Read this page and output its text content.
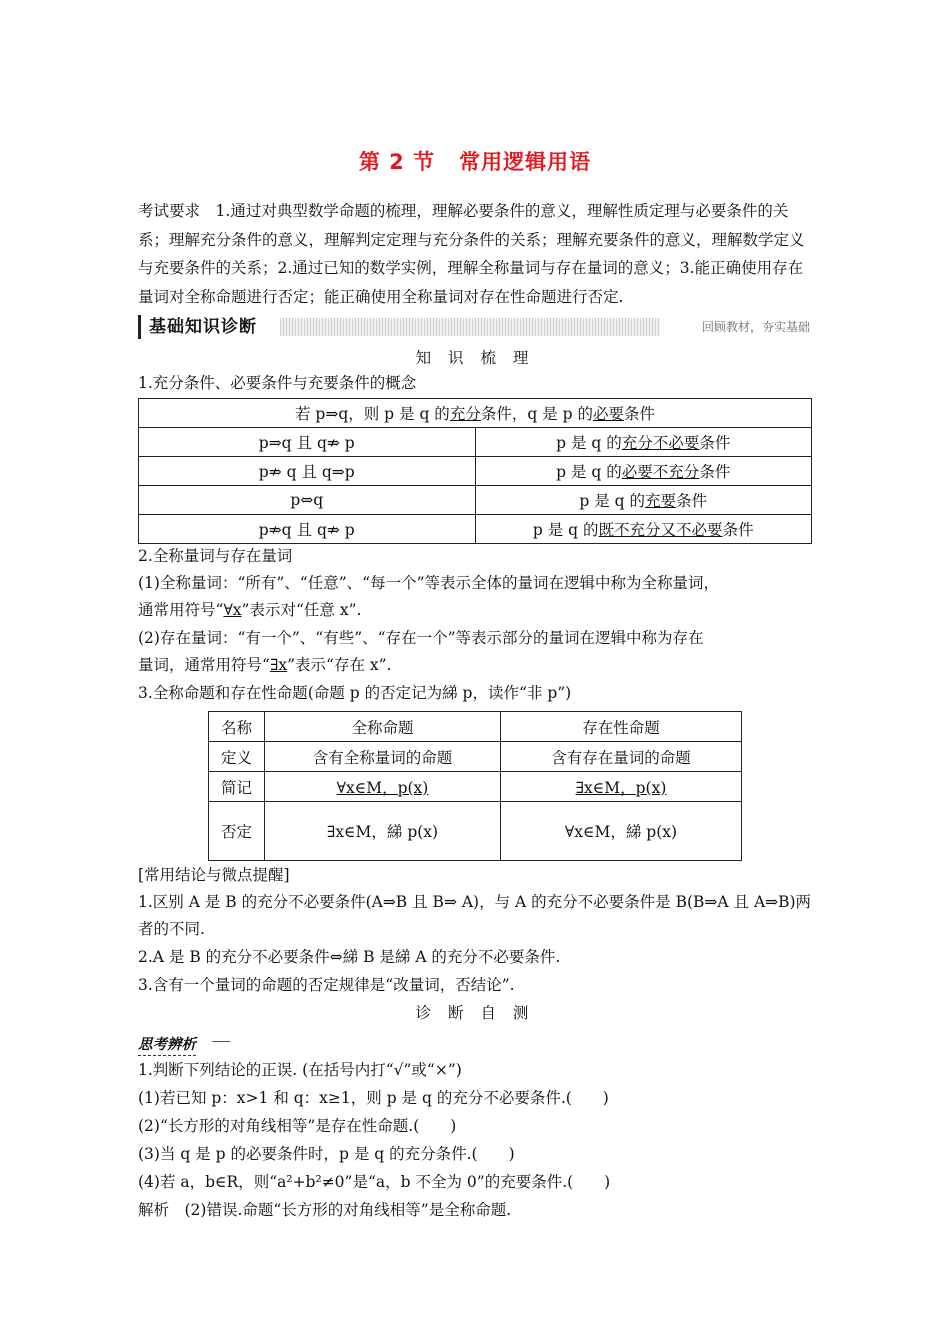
第 2 节 常用逻辑用语
考试要求　 1.通过对典型数学命题的梳理，理解必要条件的意义，理解性质定理与必要条件的关系；理解充分条件的意义，理解判定定理与充分条件的关系；理解充要条件的意义，理解数学定义与充要条件的关系；2.通过已知的数学实例，理解全称量词与存在量词的意义；3.能正确使用存在量词对全称命题进行否定；能正确使用全称量词对存在性命题进行否定.
基础知识诊断	回顾教材，夯实基础
知 识 梳 理
1.充分条件、必要条件与充要条件的概念
若 p⇒q，则 p 是 q 的充分条件，q 是 p 的必要条件	
p⇒q 且 q⇏ p	p 是 q 的充分不必要条件
p⇏ q 且 q⇒p	p 是 q 的必要不充分条件
p⇔q	p 是 q 的充要条件
p⇏q 且 q⇏ p	p 是 q 的既不充分又不必要条件
2.全称量词与存在量词
(1)全称量词：“所有”、“任意”、“每一个”等表示全体的量词在逻辑中称为全称量词，
通常用符号“∀x”表示对“任意 x”.
(2)存在量词：“有一个”、“有些”、“存在一个”等表示部分的量词在逻辑中称为存在
量词，通常用符号“∃x”表示“存在 x”.
3.全称命题和存在性命题(命题 p 的否定记为綈 p，读作“非 p”)
名称	全称命题	存在性命题
定义	含有全称量词的命题	含有存在量词的命题
简记	∀x∈M，p(x)	∃x∈M，p(x)
否定	∃x∈M，綈 p(x)	∀x∈M，綈 p(x)
[常用结论与微点提醒]
1.区别 A 是 B 的充分不必要条件(A⇒B 且 B⇒ A)，与 A 的充分不必要条件是 B(B⇒A 且 A⇒B)两
者的不同.
2.A 是 B 的充分不必要条件⇔綈 B 是綈 A 的充分不必要条件.
3.含有一个量词的命题的否定规律是“改量词，否结论”.
诊 断 自 测
思考辨析
1.判断下列结论的正误. (在括号内打“√”或“×”)
(1)若已知 p：x>1 和 q：x≥1，则 p 是 q 的充分不必要条件.(　　)
(2)“长方形的对角线相等”是存在性命题.(　　)
(3)当 q 是 p 的必要条件时，p 是 q 的充分条件.(　　)
(4)若 a，b∈R，则“a²+b²≠0”是“a，b 不全为 0”的充要条件.(　　)
解析　(2)错误.命题“长方形的对角线相等”是全称命题.
